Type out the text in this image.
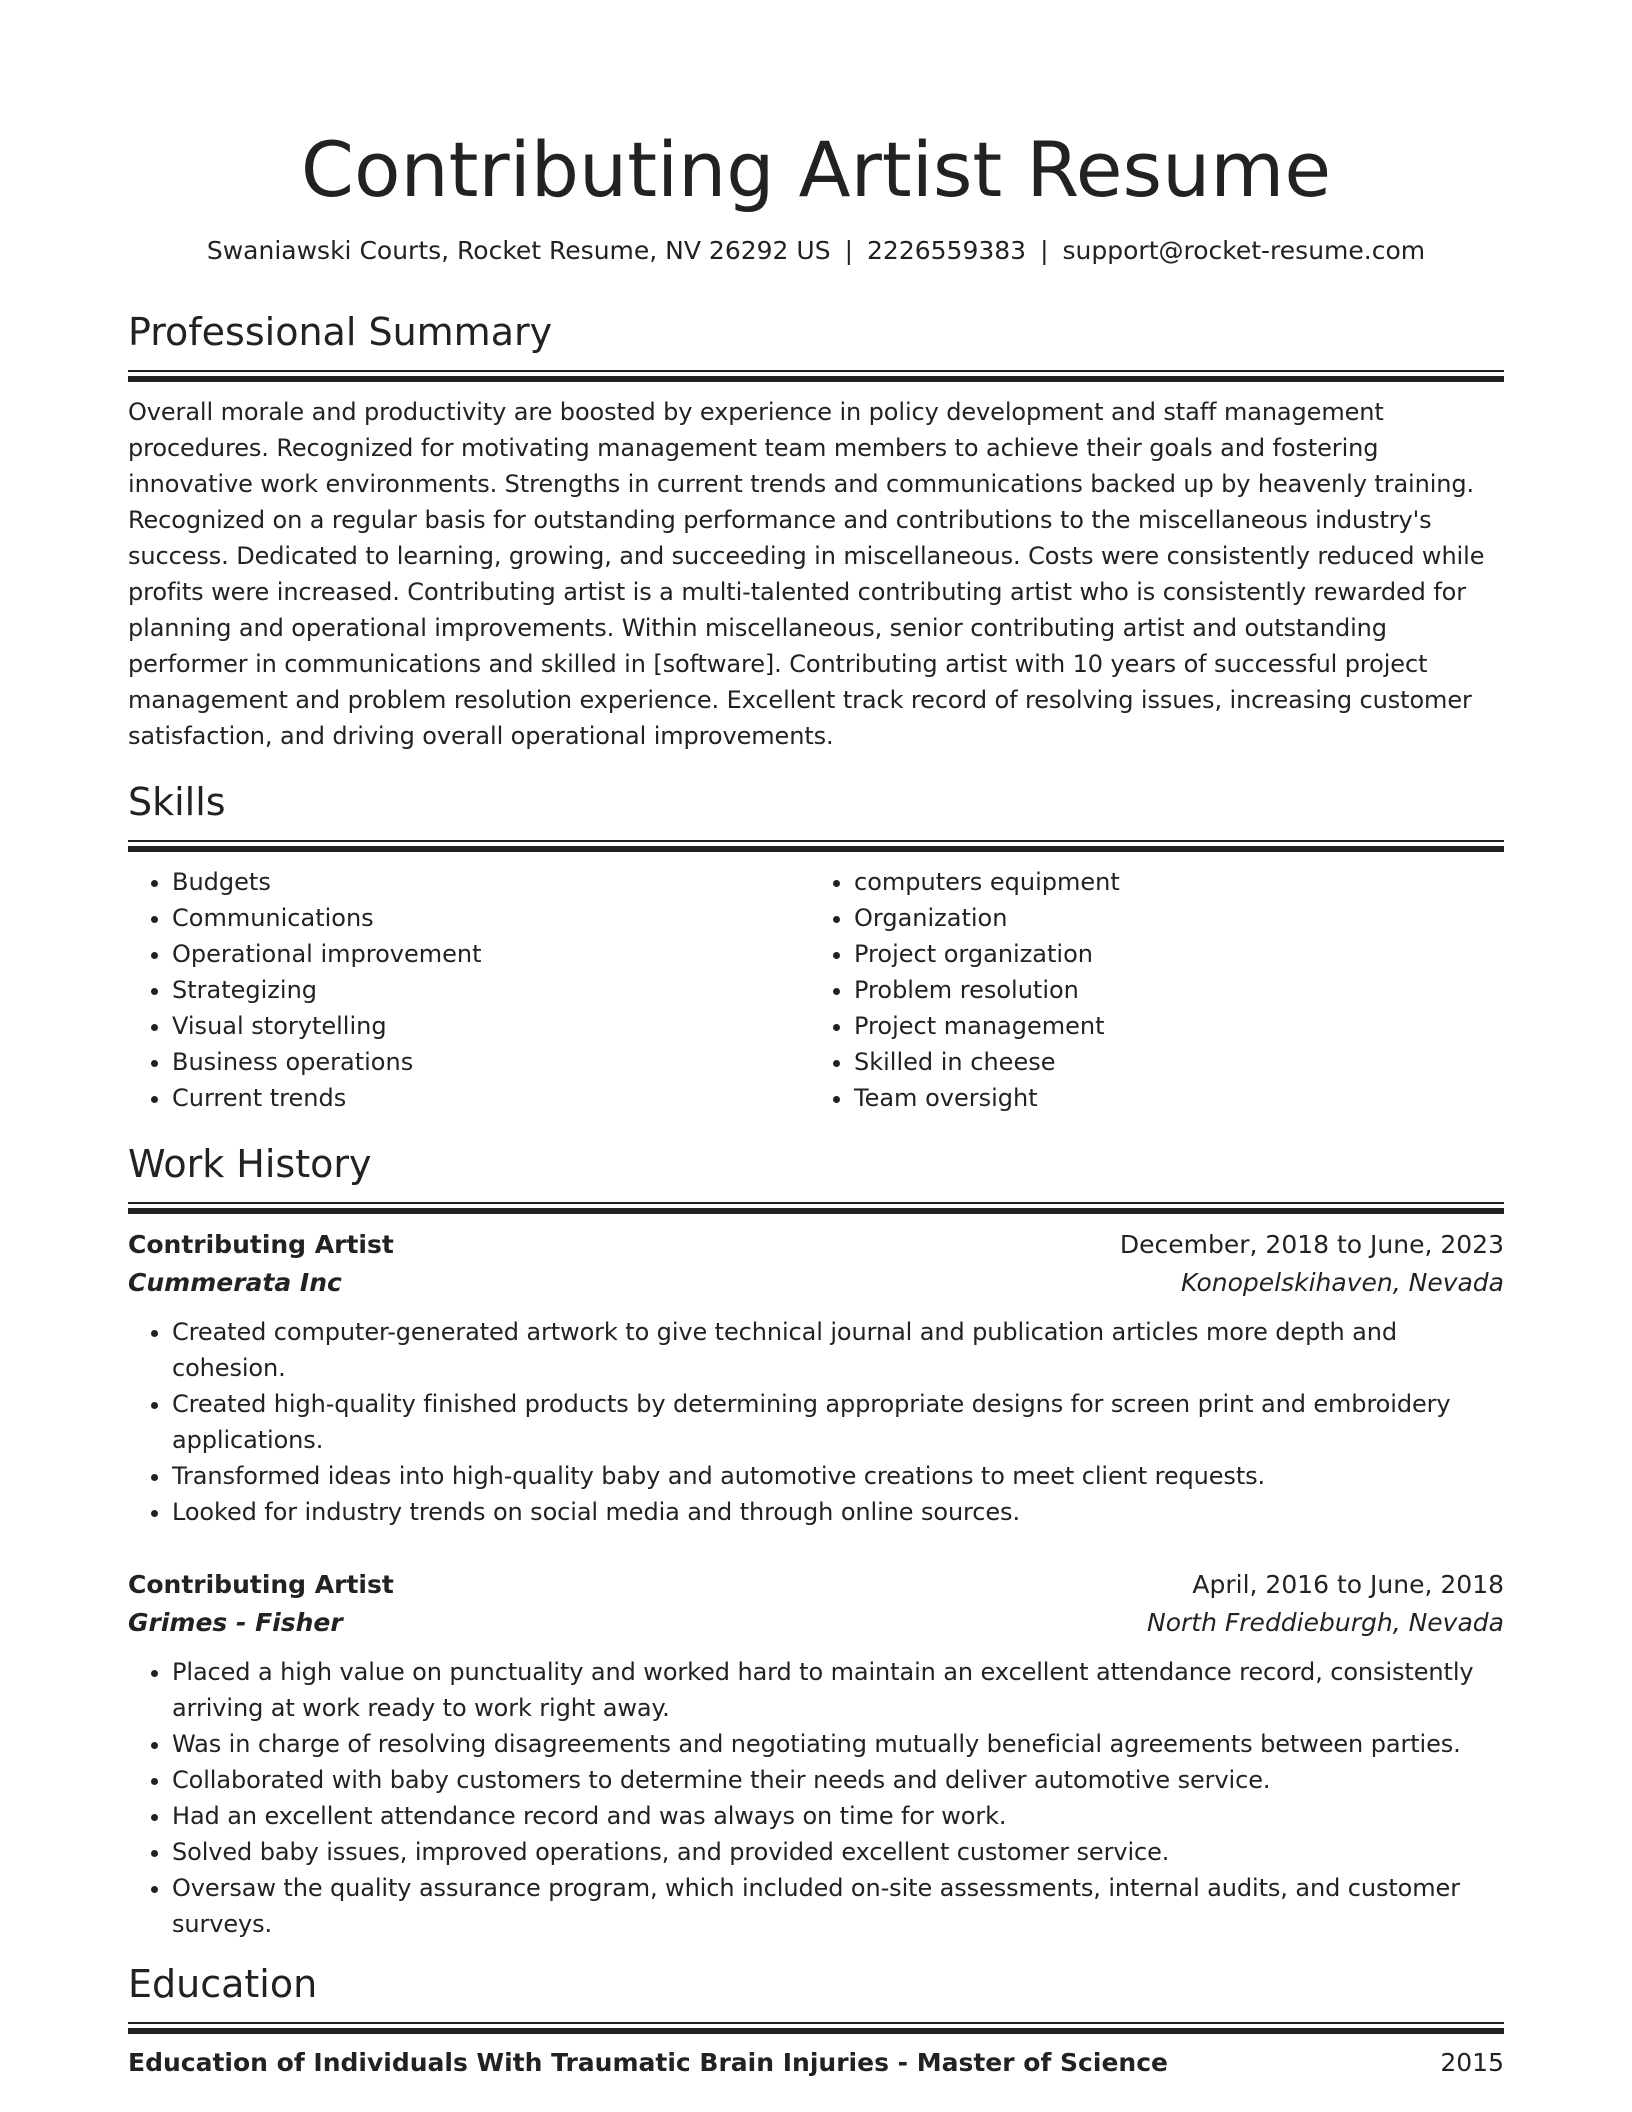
Contributing Artist Resume
Swaniawski Courts, Rocket Resume, NV 26292 US | 2226559383 | support@rocket-resume.com
Professional Summary

Overall morale and productivity are boosted by experience in policy development and staff management procedures. Recognized for motivating management team members to achieve their goals and fostering innovative work environments. Strengths in current trends and communications backed up by heavenly training. Recognized on a regular basis for outstanding performance and contributions to the miscellaneous industry's success. Dedicated to learning, growing, and succeeding in miscellaneous. Costs were consistently reduced while profits were increased. Contributing artist is a multi-talented contributing artist who is consistently rewarded for planning and operational improvements. Within miscellaneous, senior contributing artist and outstanding performer in communications and skilled in [software]. Contributing artist with 10 years of successful project management and problem resolution experience. Excellent track record of resolving issues, increasing customer satisfaction, and driving overall operational improvements.

Skills
• Budgets
• Communications
• Operational improvement
• Strategizing
• Visual storytelling
• Business operations
• Current trends
• computers equipment
• Organization
• Project organization
• Problem resolution
• Project management
• Skilled in cheese
• Team oversight
Work History
Contributing Artist	December, 2018 to June, 2023
Cummerata Inc	Konopelskihaven, Nevada
• Created computer-generated artwork to give technical journal and publication articles more depth and cohesion.
• Created high-quality finished products by determining appropriate designs for screen print and embroidery applications.
• Transformed ideas into high-quality baby and automotive creations to meet client requests.
• Looked for industry trends on social media and through online sources.
Contributing Artist	April, 2016 to June, 2018
Grimes - Fisher	North Freddieburgh, Nevada
• Placed a high value on punctuality and worked hard to maintain an excellent attendance record, consistently arriving at work ready to work right away.
• Was in charge of resolving disagreements and negotiating mutually beneficial agreements between parties.
• Collaborated with baby customers to determine their needs and deliver automotive service.
• Had an excellent attendance record and was always on time for work.
• Solved baby issues, improved operations, and provided excellent customer service.
• Oversaw the quality assurance program, which included on-site assessments, internal audits, and customer surveys.
Education
Education of Individuals With Traumatic Brain Injuries - Master of Science	2015
